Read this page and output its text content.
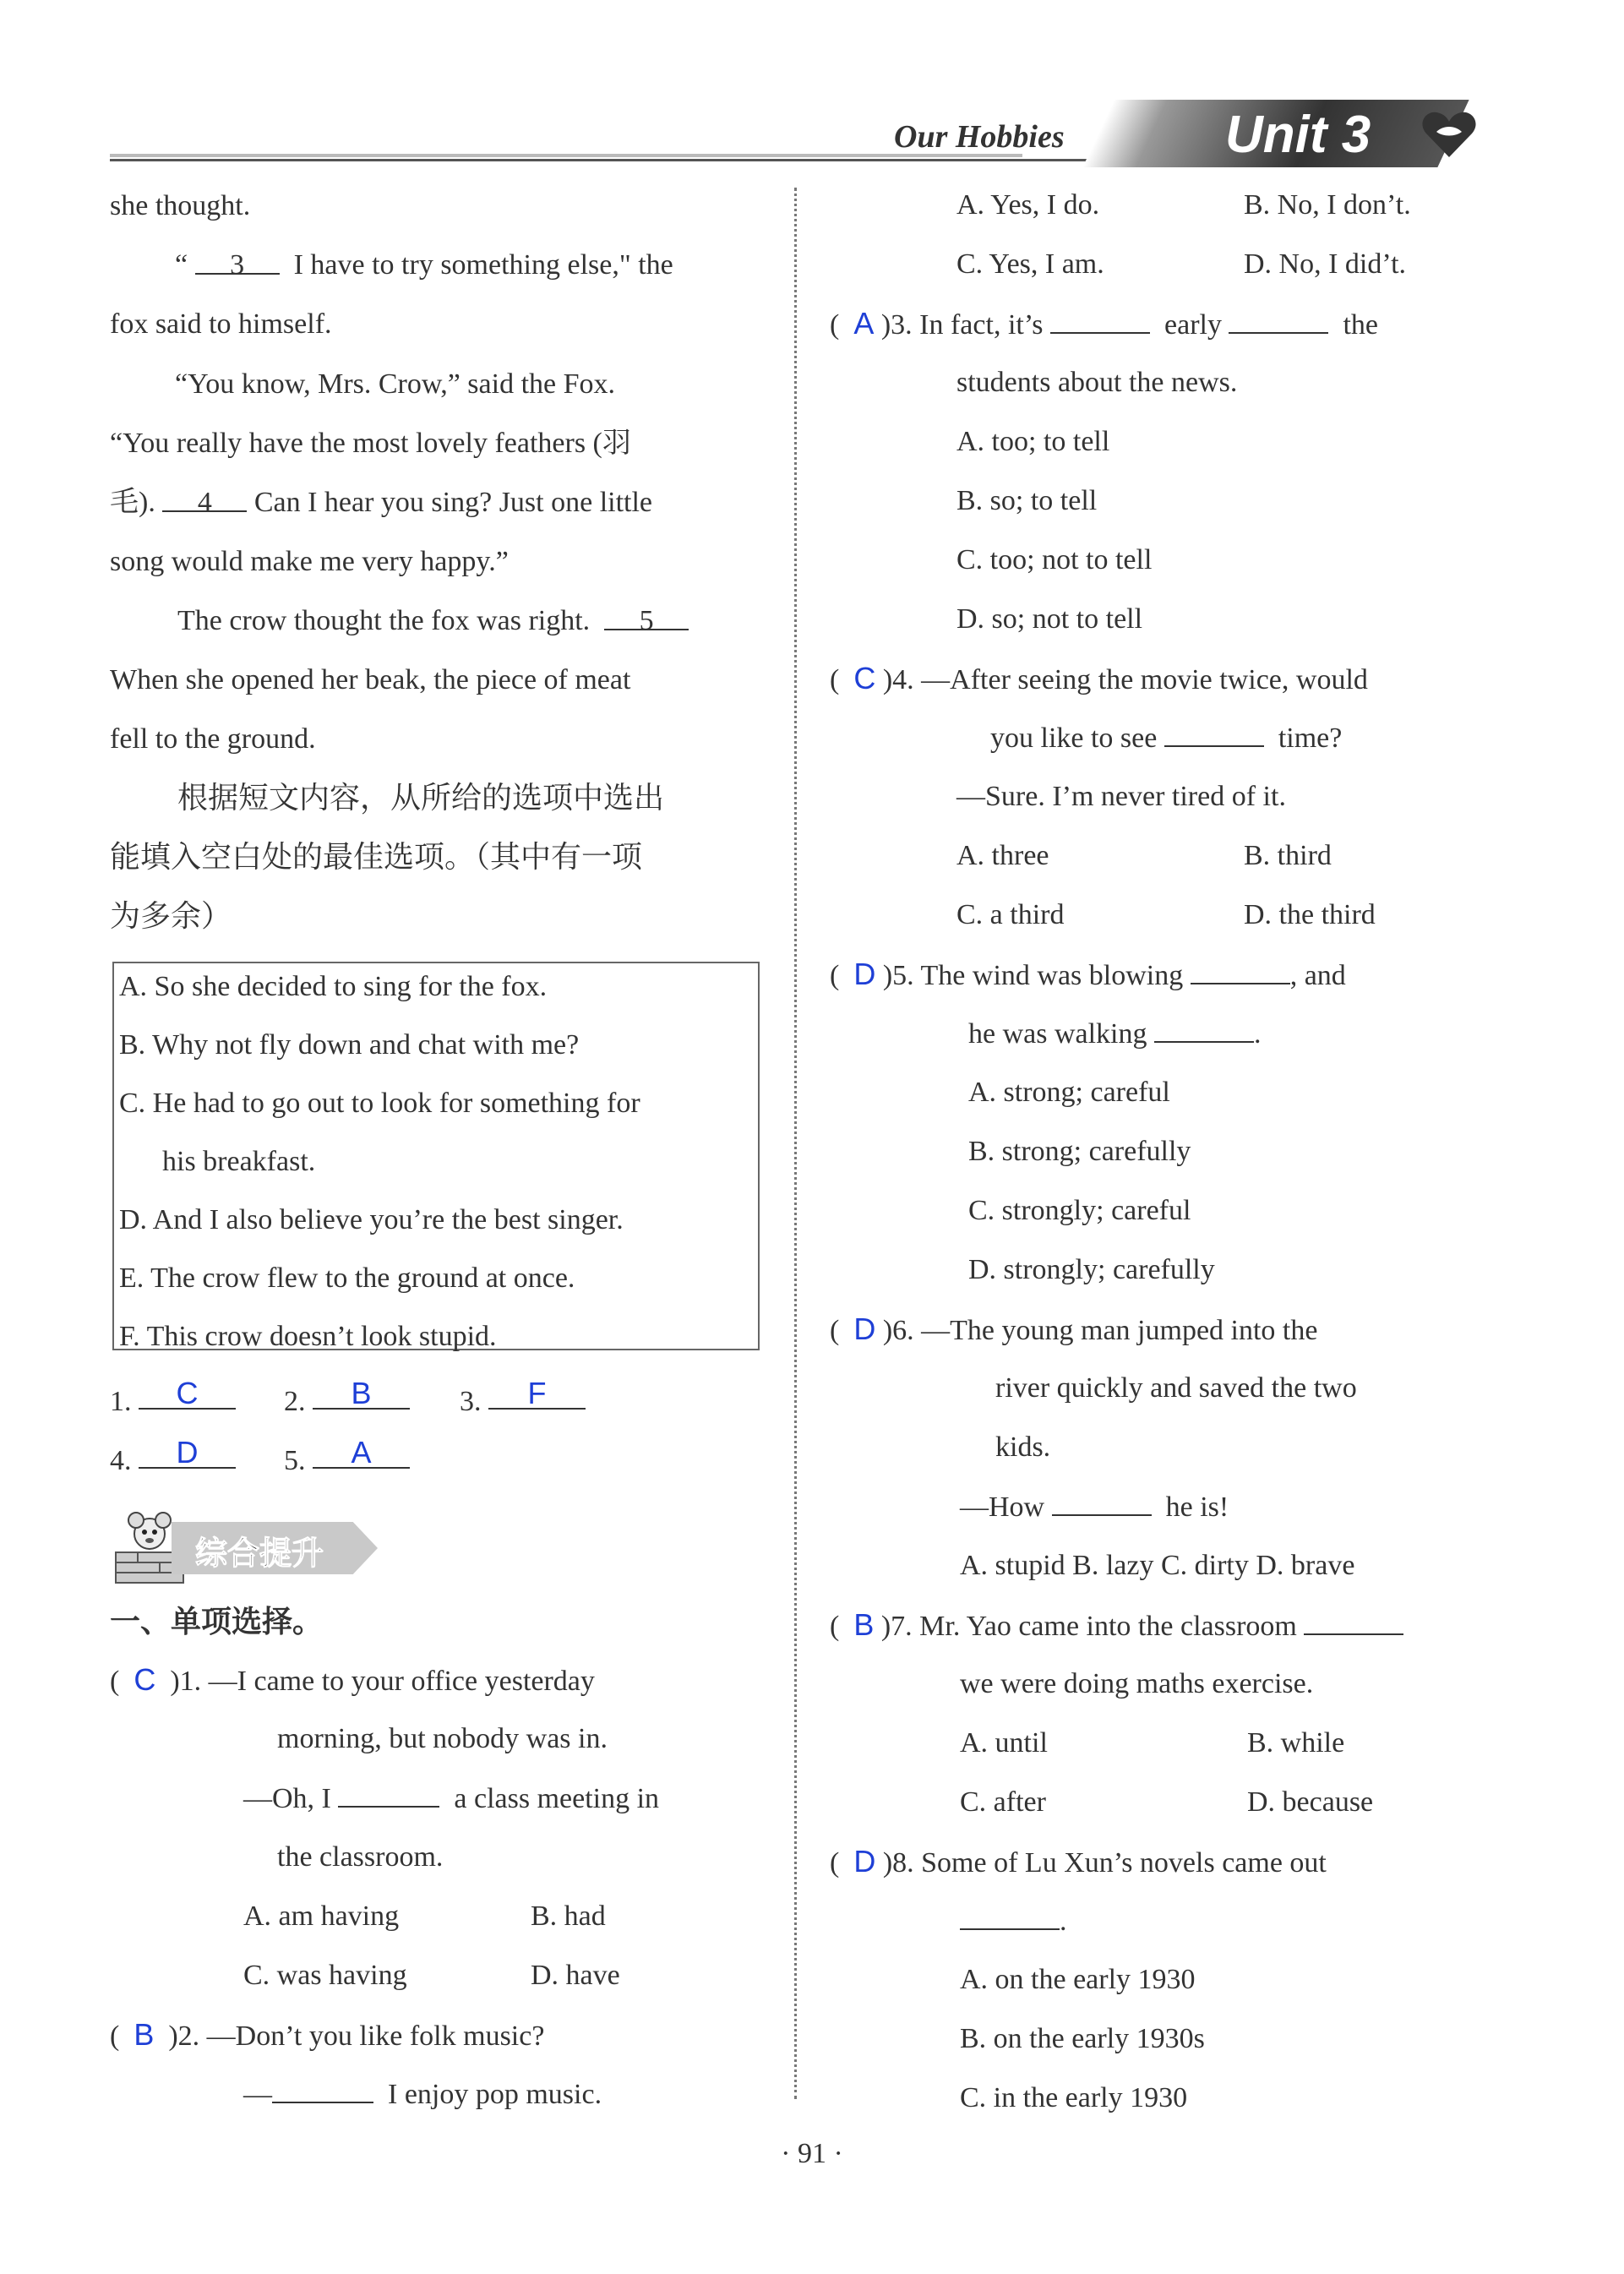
Our Hobbies	Unit 3
she thought.
“ 3 I have to try something else," the
fox said to himself.
“You know, Mrs. Crow,” said the Fox.
“You really have the most lovely feathers (羽
毛). 4 Can I hear you sing? Just one little
song would make me very happy.”
The crow thought the fox was right. 5
When she opened her beak, the piece of meat
fell to the ground.
根据短文内容，从所给的选项中选出
能填入空白处的最佳选项。（其中有一项
为多余）
A. So she decided to sing for the fox.
B. Why not fly down and chat with me?
C. He had to go out to look for something for
his breakfast.
D. And I also believe you’re the best singer.
E. The crow flew to the ground at once.
F. This crow doesn’t look stupid.
1. C	2. B	3. F
4. D	5. A
综合提升
一、单项选择。
(  C )1. —I came to your office yesterday
morning, but nobody was in.
—Oh, I	a class meeting in
the classroom.
A. am having	B. had
C. was having	D. have
(  B )2. —Don’t you like folk music?
—	I enjoy pop music.
A. Yes, I do.	B. No, I don’t.
C. Yes, I am.	D. No, I did’t.
(  A )3. In fact, it’s	early	the
students about the news.
A. too; to tell
B. so; to tell
C. too; not to tell
D. so; not to tell
(  C )4. —After seeing the movie twice, would
you like to see	time?
—Sure. I’m never tired of it.
A. three	B. third
C. a third	D. the third
(  D )5. The wind was blowing	, and
he was walking	.
A. strong; careful
B. strong; carefully
C. strongly; careful
D. strongly; carefully
(  D )6. —The young man jumped into the
river quickly and saved the two
kids.
—How	he is!
A. stupid B. lazy C. dirty D. brave
(  B )7. Mr. Yao came into the classroom
we were doing maths exercise.
A. until	B. while
C. after	D. because
(  D )8. Some of Lu Xun’s novels came out
.
A. on the early 1930
B. on the early 1930s
C. in the early 1930
· 91 ·
